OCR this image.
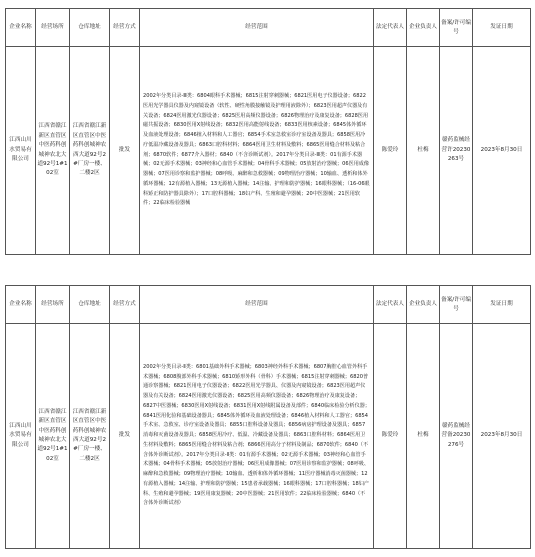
企业名称	经营场所	仓库地址	经营方式	经营范围	法定代表人	企业负责人	备案/许可编号	发证日期
江西山川水贸易有限公司	江西省赣江新区直管区中医药科创城神农北大道92号1#102室	江西省赣江新区直管区中医药科创城神农西大道92号2#厂房一楼、二楼2区	批发	2002年分类目录-Ⅲ类：6804眼科手术器械；6815注射穿刺器械；6821医用电子仪器设备；6822医用光学器具仪器及内窥镜设备（软性、硬性角膜接触镜及护理用液除外）；6823医用超声仪器及有关设备；6824医用激光仪器设备；6825医用高频仪器设备；6826物理治疗及康复设备；6828医用磁共振设备；6830医用X射线设备；6832医用高能射线设备；6833医用核素设备；6845体外循环及血液处理设备；6846植入材料和人工器官；6854手术室急救室诊疗室设备及器具；6858医用冷疗低温冷藏设备及器具；6863口腔科材料；6864医用卫生材料及敷料；6865医用缝合材料及粘合剂；6870软件；6877介入器材；6840（不含诊断试剂）。2017年分类目录-Ⅲ类：01有源手术器械；02无源手术器械；03神经和心血管手术器械；04骨科手术器械；05放射治疗器械；06医用成像器械；07医用诊察和监护器械；08呼吸、麻醉和急救器械；09物理治疗器械；10输血、透析和体外循环器械；12有源植入器械；13无源植入器械；14注输、护理和防护器械；16眼科器械；（16-06眼科矫正和防护器具除外）；17口腔科器械；18妇产科、生殖和避孕器械；20中医器械；21医用软件；22临床检验器械	陈爱玲	杜梅	赣药监械经营许20230263号	2023年8月30日
企业名称	经营场所	仓库地址	经营方式	经营范围	法定代表人	企业负责人	备案/许可编号	发证日期
江西山川水贸易有限公司	江西省赣江新区直管区中医药科创城神农北大道92号1#102室	江西省赣江新区直管区中医药科创城神农西大道92号2#厂房一楼、二楼2区	批发	2002年分类目录-Ⅱ类：6801基础外科手术器械；6803神经外科手术器械；6807胸腔心血管外科手术器械；6808腹部外科手术器械；6810矫形外科（骨科）手术器械；6815注射穿刺器械；6820普通诊察器械；6821医用电子仪器设备；6822医用光学器具、仪器及内窥镜设备；6823医用超声仪器及有关设备；6824医用激光仪器设备；6825医用高频仪器设备；6826物理治疗及康复设备；6827中医器械；6830医用X射线设备；6831医用X射线附属设备及部件；6840临床检验分析仪器；6841医用化验和基础设备器具；6845体外循环及血液处理设备；6846植入材料和人工器官；6854手术室、急救室、诊疗室设备及器具；6855口腔科设备及器具；6856病房护理设备及器具；6857消毒和灭菌设备及器具；6858医用冷疗、低温、冷藏设备及器具；6863口腔科材料；6864医用卫生材料及敷料；6865医用缝合材料及粘合剂；6866医用高分子材料及制品；6870软件；6840（不含体外诊断试剂）。2017年分类目录-Ⅱ类：01有源手术器械；02无源手术器械；03神经和心血管手术器械；04骨科手术器械；05放射治疗器械；06医用成像器械；07医用诊察和监护器械；08呼吸、麻醉和急救器械；09物理治疗器械；10输血、透析和体外循环器械；11医疗器械消毒灭菌器械；12有源植入器械；14注输、护理和防护器械；15患者承载器械；16眼科器械；17口腔科器械；18妇产科、生殖和避孕器械；19医用康复器械；20中医器械；21医用软件；22临床检验器械；6840（不含体外诊断试剂）	陈爱玲	杜梅	赣药监械经营备20230276号	2023年8月30日
